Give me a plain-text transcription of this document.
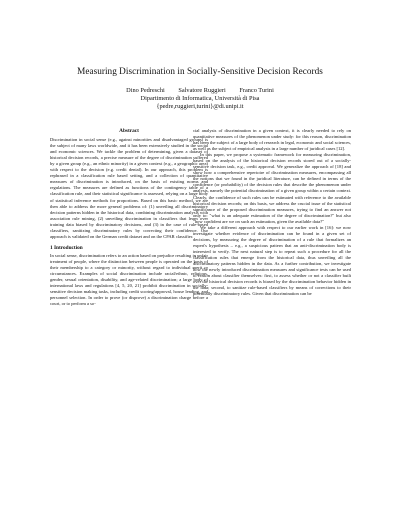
Measuring Discrimination in Socially-Sensitive Decision Records
Dino Pedreschi Salvatore Ruggieri Franco Turini
Dipartimento di Informatica, Università di Pisa
{pedre,ruggieri,turini}@di.unipi.it
Abstract

Discrimination in social sense (e.g., against minorities and disadvantaged groups) is the subject of many laws worldwide, and it has been extensively studied in the social and economic sciences. We tackle the problem of determining, given a dataset of historical decision records, a precise measure of the degree of discrimination suffered by a given group (e.g., an ethnic minority) in a given context (e.g., a geographic area) with respect to the decision (e.g. credit denial). In our approach, this problem is rephrased in a classification rule based setting, and a collection of quantitative measures of discrimination is introduced, on the basis of existing norms and regulations. The measures are defined as functions of the contingency table of a classification rule, and their statistical significance is assessed, relying on a large body of statistical inference methods for proportions. Based on this basic method, we are then able to address the more general problems of: (1) unveiling all discriminatory decision patterns hidden in the historical data, combining discrimination analysis with association rule mining, (2) unveiling discrimination in classifiers that learn over training data biased by discriminatory decisions, and (3) in the case of rule-based classifiers, sanitizing discriminatory rules by correcting their confidence. Our approach is validated on the German credit dataset and on the CPAR classifier.

1 Introduction

In social sense, discrimination refers to an action based on prejudice resulting in unfair treatment of people, where the distinction between people is operated on the basis of their membership to a category or minority, without regard to individual merit or circumstances. Examples of social discrimination include racial/ethnic, religious, gender, sexual orientation, disability, and age-related discrimination; a large body of international laws and regulations [4, 5, 20, 21] prohibit discrimination in socially-sensitive decision making tasks, including credit scoring/approval, house lending, and personnel selection. In order to prove (or disprove) a discrimination charge before a court, or to perform a so-

cial analysis of discrimination in a given context, it is clearly needed to rely on quantitative measures of the phenomenon under study: for this reason, discrimination has been the subject of a large body of research in legal, economic and social sciences, as well as the subject of empirical analysis in a large number of juridical cases [12].

In this paper, we propose a systematic framework for measuring discrimination, based on the analysis of the historical decision records stored out of a socially-sensitive decision task, e.g., credit approval. We generalize the approach of [18] and show how a comprehensive repertoire of discrimination measures, encompassing all the notions that we found in the juridical literature, can be defined in terms of the confidence (or probability) of the decision rules that describe the phenomenon under analysis, namely the potential discrimination of a given group within a certain context. Clearly, the confidence of such rules can be estimated with reference to the available historical decision records; on this basis, we address the crucial issue of the statistical significance of the proposed discrimination measures, trying to find an answer not only to: "what is an adequate estimation of the degree of discrimination?" but also "how confident are we on such an estimation, given the available data?"

We take a different approach with respect to our earlier work in [16]: we now investigate whether evidence of discrimination can be found in a given set of decisions, by measuring the degree of discrimination of a rule that formalizes an expert's hypothesis – e.g., a suspicious pattern that an anti-discrimination body is interested to verify. The next natural step is to repeat such a procedure for all the classification rules that emerge from the historical data, thus unveiling all the discriminatory patterns hidden in the data. As a further contribution, we investigate how the newly introduced discrimination measures and significance tests can be used to reason about classifier themselves: first, to assess whether or not a classifier built over the historical decision records is biased by the discrimination behavior hidden in the data; second, to sanitize rule-based classifiers by means of corrections to their potentially discriminatory rules. Given that discrimination can be
